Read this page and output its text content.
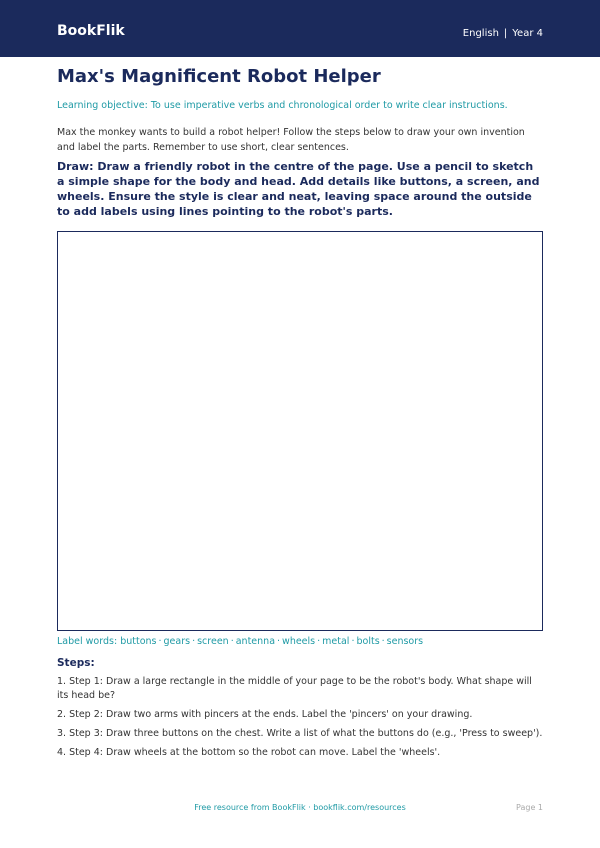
BookFlik	English | Year 4
Max's Magnificent Robot Helper

Learning objective: To use imperative verbs and chronological order to write clear instructions.

Max the monkey wants to build a robot helper! Follow the steps below to draw your own invention and label the parts. Remember to use short, clear sentences.

Draw: Draw a friendly robot in the centre of the page. Use a pencil to sketch a simple shape for the body and head. Add details like buttons, a screen, and wheels. Ensure the style is clear and neat, leaving space around the outside to add labels using lines pointing to the robot's parts.

Label words: buttons · gears · screen · antenna · wheels · metal · bolts · sensors
Steps:
1. Step 1: Draw a large rectangle in the middle of your page to be the robot's body. What shape will its head be?
2. Step 2: Draw two arms with pincers at the ends. Label the 'pincers' on your drawing.
3. Step 3: Draw three buttons on the chest. Write a list of what the buttons do (e.g., 'Press to sweep').
4. Step 4: Draw wheels at the bottom so the robot can move. Label the 'wheels'.
Free resource from BookFlik · bookflik.com/resources	Page 1
